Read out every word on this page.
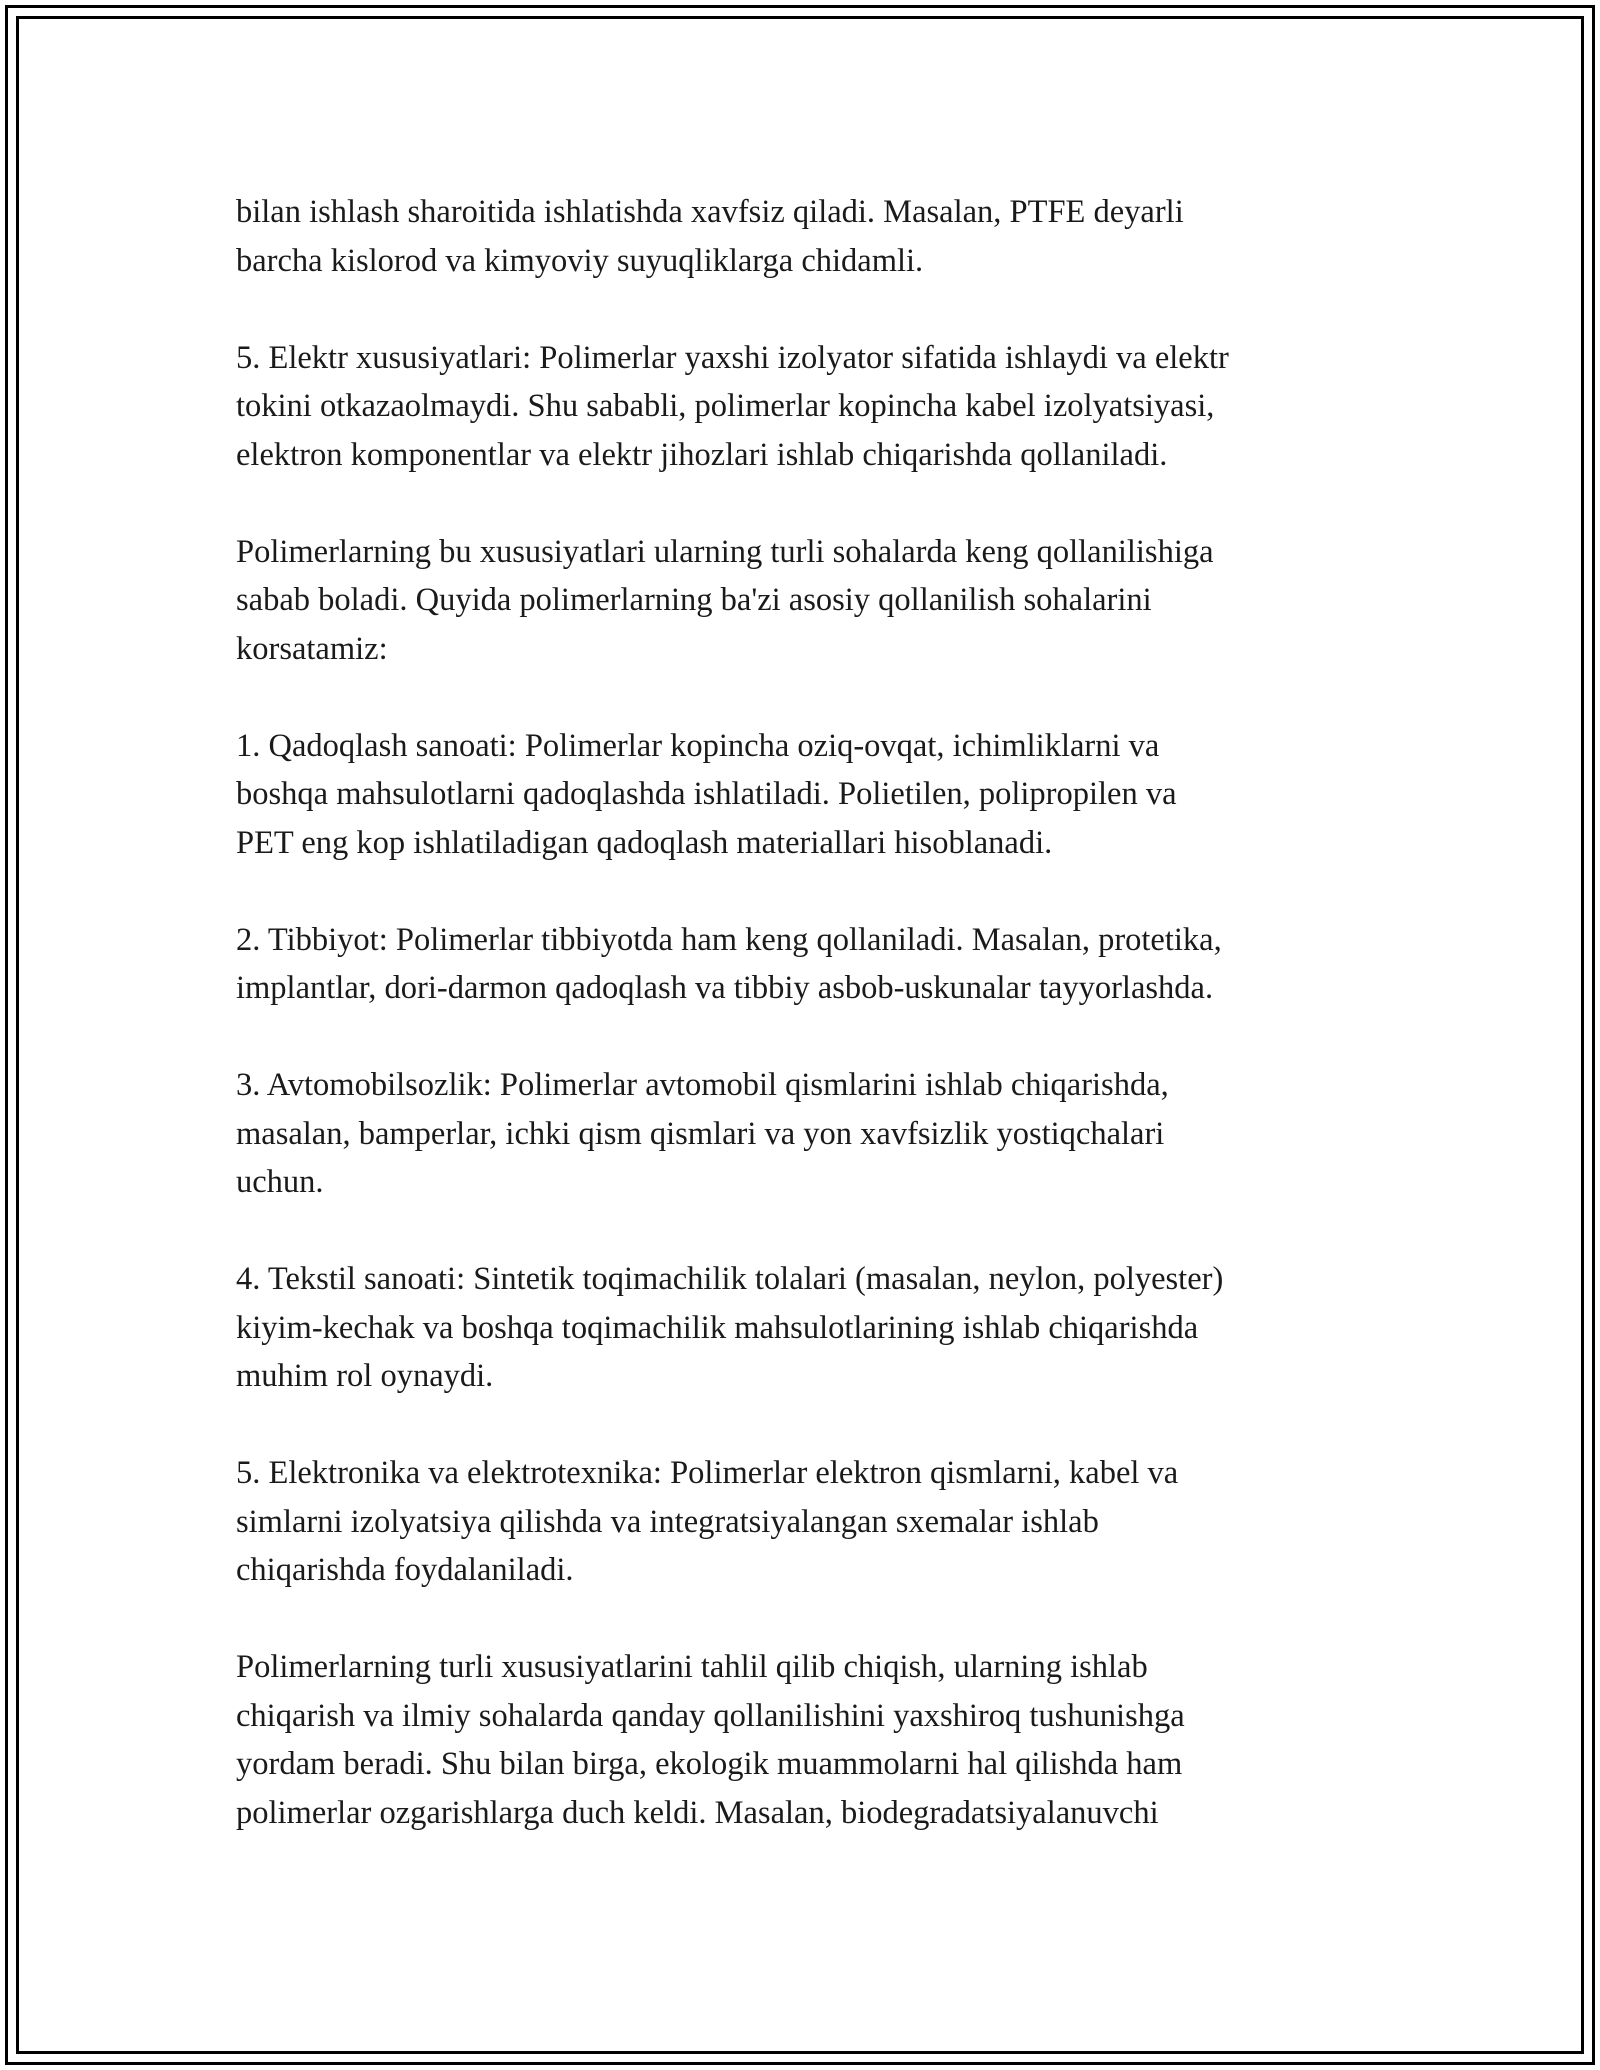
bilan ishlash sharoitida ishlatishda xavfsiz qiladi. Masalan, PTFE deyarli
barcha kislorod va kimyoviy suyuqliklarga chidamli.

5. Elektr xususiyatlari: Polimerlar yaxshi izolyator sifatida ishlaydi va elektr
tokini otkazaolmaydi. Shu sababli, polimerlar kopincha kabel izolyatsiyasi,
elektron komponentlar va elektr jihozlari ishlab chiqarishda qollaniladi.

Polimerlarning bu xususiyatlari ularning turli sohalarda keng qollanilishiga
sabab boladi. Quyida polimerlarning ba'zi asosiy qollanilish sohalarini
korsatamiz:

1. Qadoqlash sanoati: Polimerlar kopincha oziq-ovqat, ichimliklarni va
boshqa mahsulotlarni qadoqlashda ishlatiladi. Polietilen, polipropilen va
PET eng kop ishlatiladigan qadoqlash materiallari hisoblanadi.

2. Tibbiyot: Polimerlar tibbiyotda ham keng qollaniladi. Masalan, protetika,
implantlar, dori-darmon qadoqlash va tibbiy asbob-uskunalar tayyorlashda.

3. Avtomobilsozlik: Polimerlar avtomobil qismlarini ishlab chiqarishda,
masalan, bamperlar, ichki qism qismlari va yon xavfsizlik yostiqchalari
uchun.

4. Tekstil sanoati: Sintetik toqimachilik tolalari (masalan, neylon, polyester)
kiyim-kechak va boshqa toqimachilik mahsulotlarining ishlab chiqarishda
muhim rol oynaydi.

5. Elektronika va elektrotexnika: Polimerlar elektron qismlarni, kabel va
simlarni izolyatsiya qilishda va integratsiyalangan sxemalar ishlab
chiqarishda foydalaniladi.

Polimerlarning turli xususiyatlarini tahlil qilib chiqish, ularning ishlab
chiqarish va ilmiy sohalarda qanday qollanilishini yaxshiroq tushunishga
yordam beradi. Shu bilan birga, ekologik muammolarni hal qilishda ham
polimerlar ozgarishlarga duch keldi. Masalan, biodegradatsiyalanuvchi
